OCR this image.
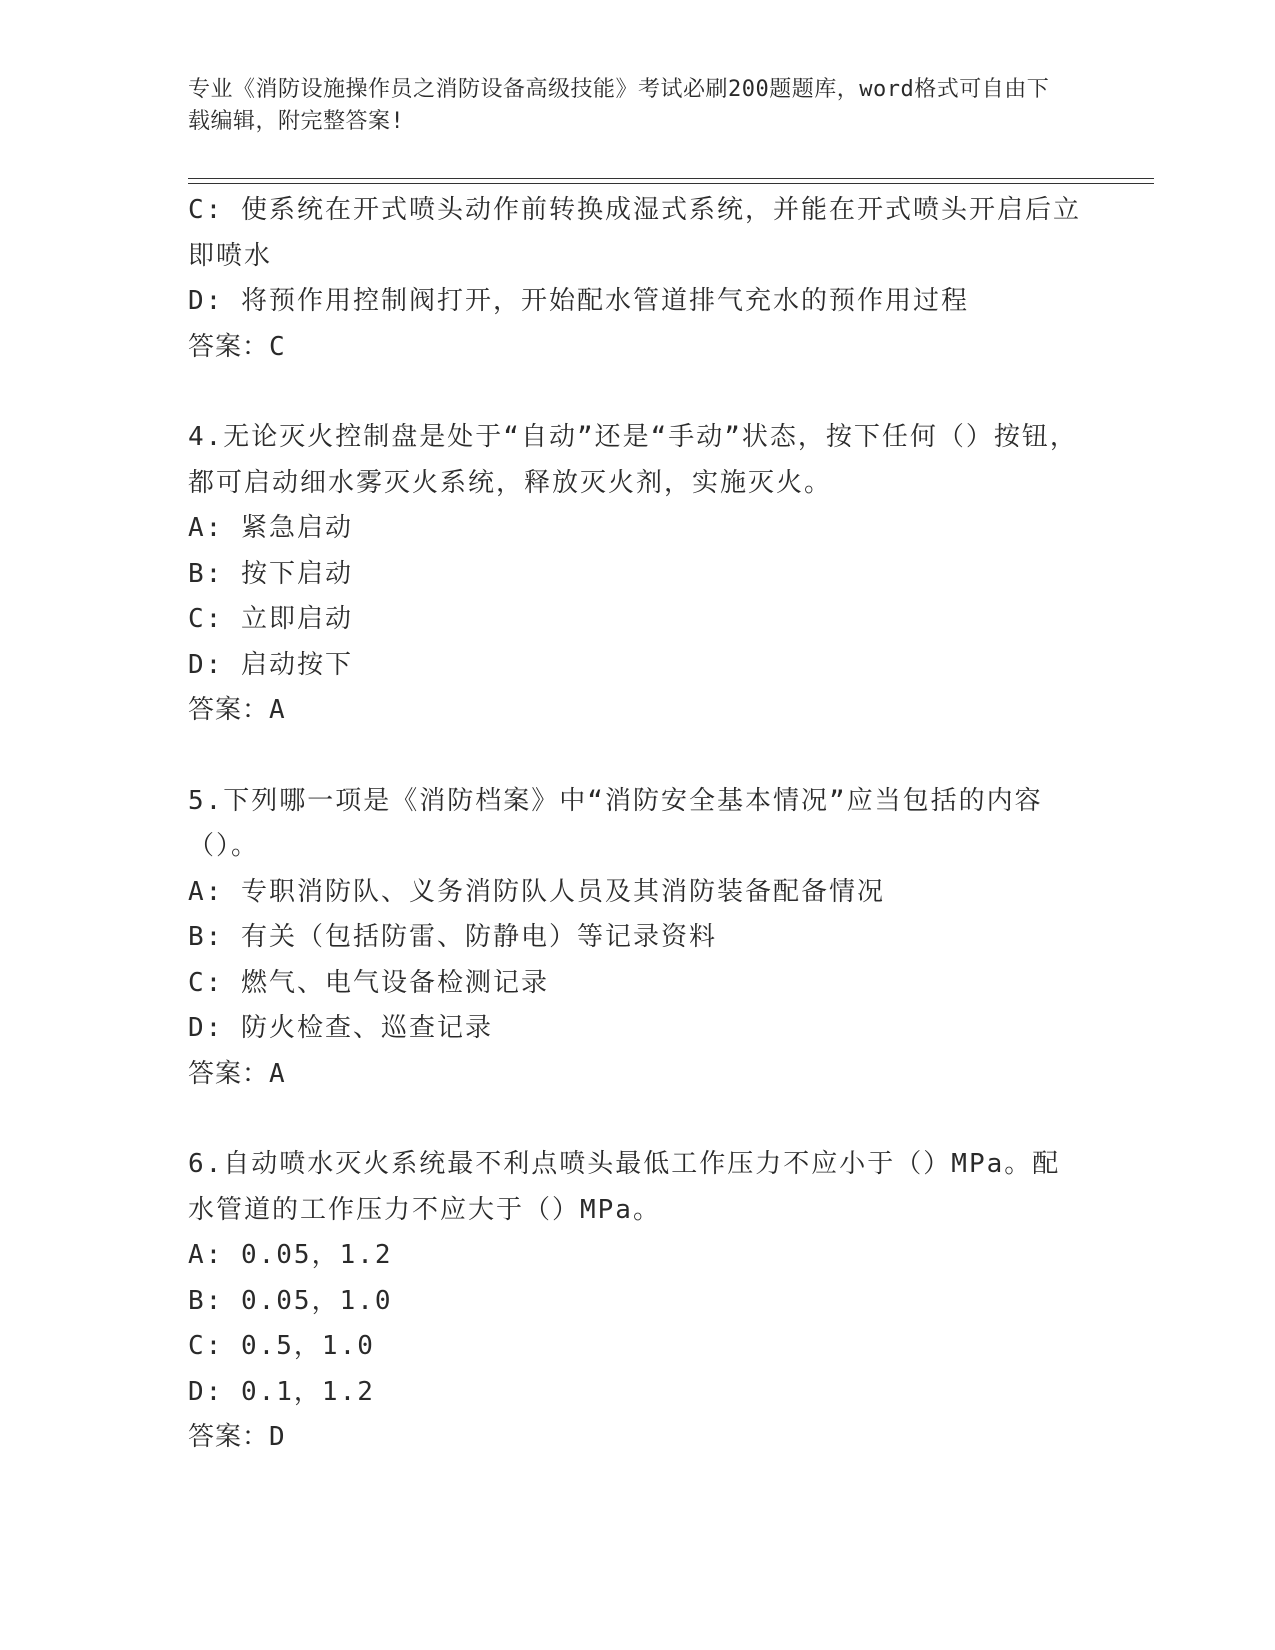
专业《消防设施操作员之消防设备高级技能》考试必刷200题题库，word格式可自由下载编辑，附完整答案!
C: 使系统在开式喷头动作前转换成湿式系统，并能在开式喷头开启后立即喷水
D: 将预作用控制阀打开，开始配水管道排气充水的预作用过程
答案：C
4.无论灭火控制盘是处于“自动”还是“手动”状态，按下任何（）按钮，都可启动细水雾灭火系统，释放灭火剂，实施灭火。
A: 紧急启动
B: 按下启动
C: 立即启动
D: 启动按下
答案：A
5.下列哪一项是《消防档案》中“消防安全基本情况”应当包括的内容（）。
A: 专职消防队、义务消防队人员及其消防装备配备情况
B: 有关（包括防雷、防静电）等记录资料
C: 燃气、电气设备检测记录
D: 防火检查、巡查记录
答案：A
6.自动喷水灭火系统最不利点喷头最低工作压力不应小于（）MPa。配水管道的工作压力不应大于（）MPa。
A: 0.05，1.2
B: 0.05，1.0
C: 0.5，1.0
D: 0.1，1.2
答案：D
